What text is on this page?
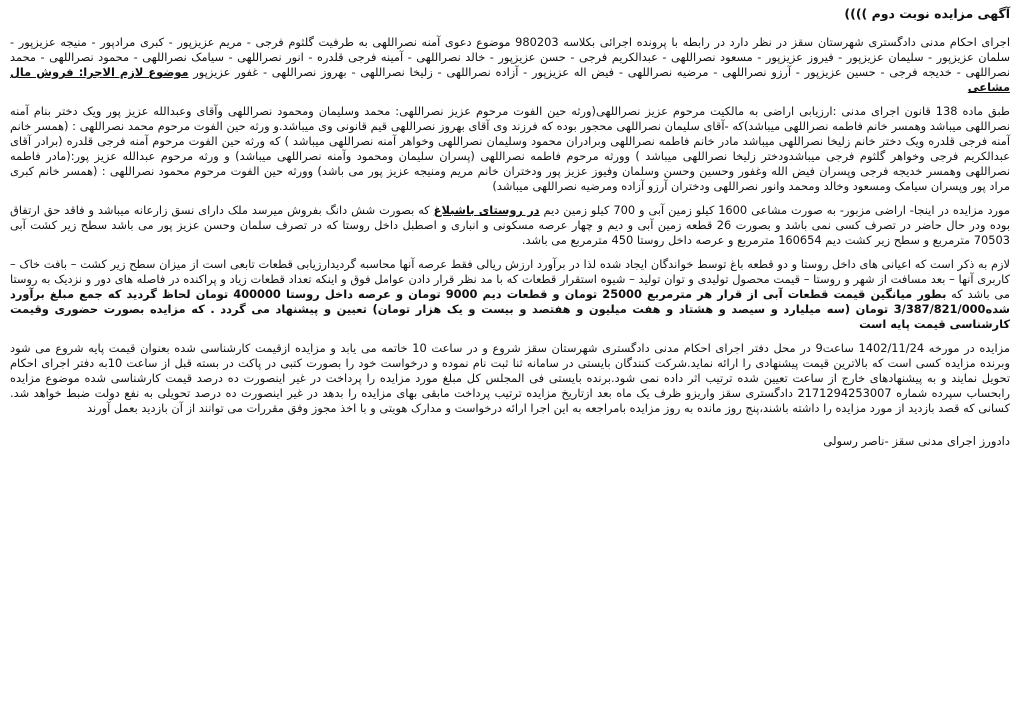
آگهی مزایده نوبت دوم ))))

اجرای احکام مدنی دادگستری شهرستان سقز در نظر دارد در رابطه با پرونده اجرائی بکلاسه 980203 موضوع دعوی آمنه نصراللهی به طرفیت گلثوم فرجی - مریم عزیزپور - کبری مرادپور - منیجه عزیزپور - سلمان عزیزپور - سلیمان عزیزپور - فیروز عزیزپور - مسعود نصراللهی - عبدالکریم فرجی - حسن عزیزپور - خالد نصراللهی - آمینه فرجی قلدره - انور نصراللهی - سیامک نصراللهی - محمود نصراللهی - محمد نصراللهی - خدیجه فرجی - حسین عزیزپور - آرزو نصراللهی - مرضیه نصراللهی - فیض اله عزیزپور - آزاده نصراللهی - زلیخا نصراللهی - بهروز نصراللهی - غفور عزیزپور موضوع لازم الاجرا: فروش مال مشاعی

طبق ماده 138 قانون اجرای مدنی :ارزیابی اراضی به مالکیت مرحوم عزیز نصراللهی(ورثه حین الفوت مرحوم عزیز نصراللهی: محمد وسلیمان ومحمود نصراللهی وآقای وعبدالله عزیز پور ویک دختر بنام آمنه نصراللهی میباشد وهمسر خانم فاطمه نصراللهی میباشد)که -آقای سلیمان نصراللهی محجور بوده که فرزند وی آقای بهروز نصراللهی قیم قانونی وی میباشد.و ورثه حین الفوت مرحوم محمد نصراللهی : (همسر خانم آمنه فرجی قلدره ویک دختر خانم زلیخا نصراللهی میباشد مادر خانم فاطمه نصراللهی وبرادران محمود وسلیمان نصراللهی وخواهر آمنه نصراللهی میباشد ) که ورثه حین الفوت مرحوم آمنه فرجی قلدره (برادر آقای عبدالکریم فرجی وخواهر گلثوم فرجی میباشدودختر زلیخا نصراللهی میباشد ) وورثه مرحوم فاطمه نصراللهی (پسران سلیمان ومحمود وآمنه نصراللهی میباشد) و ورثه مرحوم عبدالله عزیز پور:(مادر فاطمه نصراللهی وهمسر خدیجه فرجی وپسران فیض الله وغفور وحسین وحسن وسلمان وفیوز عزیز پور ودختران خانم مریم ومنیجه عزیز پور می باشد) وورثه حین الفوت مرحوم محمود نصراللهی : (همسر خانم کبری مراد پور وپسران سیامک ومسعود وخالد ومحمد وانور نصراللهی ودختران آرزو آزاده ومرضیه نصراللهی میباشد)

مورد مزایده در اینجا- اراضی مزبور- به صورت مشاعی 1600 کیلو زمین آبی و 700 کیلو زمین دیم در روستای باشبلاغ که بصورت شش دانگ بفروش میرسد ملک دارای نسق زارعانه میباشد و فاقد حق ارتفاق بوده ودر حال حاضر در تصرف کسی نمی باشد و بصورت 26 قطعه زمین آبی و دیم و چهار عرصه مسکونی و انباری و اصطبل داخل روستا که در تصرف سلمان وحسن عزیز پور می باشد سطح زیر کشت آبی 70503 مترمربع و سطح زیر کشت دیم 160654 مترمربع و عرصه داخل روستا 450 مترمربع می باشد.

لازم به ذکر است که اعیانی های داخل روستا و دو قطعه باغ توسط خواندگان ایجاد شده لذا در برآورد ارزش ریالی فقط عرصه آنها محاسبه گردیدارزیابی قطعات تابعی است از میزان سطح زیر کشت – بافت خاک – کاربری آنها – بعد مسافت از شهر و روستا – قیمت محصول تولیدی و توان تولید – شیوه استقرار قطعات که با مد نظر قرار دادن عوامل فوق و اینکه تعداد قطعات زیاد و پراکنده در فاصله های دور و نزدیک به روستا می باشد که بطور میانگین قیمت قطعات آبی از قرار هر مترمربع 25000 تومان و قطعات دیم 9000 تومان و عرصه داخل روستا 400000 تومان لحاظ گردید که جمع مبلغ برآورد شده3/387/821/000 تومان (سه میلیارد و سیصد و هشتاد و هفت میلیون و هفتصد و بیست و یک هزار تومان) تعیین و پیشنهاد می گردد . که مزایده بصورت حضوری وقیمت کارشناسی قیمت پایه است

مزایده در مورخه 1402/11/24 ساعت9 در محل دفتر اجرای احکام مدنی دادگستری شهرستان سقز شروع و در ساعت 10 خاتمه می یابد و مزایده ازقیمت کارشناسی شده بعنوان قیمت پایه شروع می شود وبرنده مزایده کسی است که بالاترین قیمت پیشنهادی را ارائه نماید.شرکت کنندگان بایستی در سامانه ثنا ثبت نام نموده و درخواست خود را بصورت کتبی در پاکت در بسته قبل از ساعت 10به دفتر اجرای احکام تحویل نمایند و به پیشنهادهای خارج از ساعت تعیین شده ترتیب اثر داده نمی شود.برنده بایستی فی المجلس کل مبلغ مورد مزایده را پرداخت در غیر اینصورت ده درصد قیمت کارشناسی شده موضوع مزایده رابحساب سپرده شماره 2171294253007 دادگستری سقز واریزو ظرف یک ماه بعد ازتاریخ مزایده ترتیب پرداخت مابقی بهای مزایده را بدهد در غیر اینصورت ده درصد تحویلی به نفع دولت ضبط خواهد شد. کسانی که قصد بازدید از مورد مزایده را داشته باشند،پنج روز مانده به روز مزایده بامراجعه به این اجرا ارائه درخواست و مدارک هویتی و با اخذ مجوز وفق مقررات می توانند از آن بازدید بعمل آورند

دادورز اجرای مدنی سقز -ناصر رسولی
